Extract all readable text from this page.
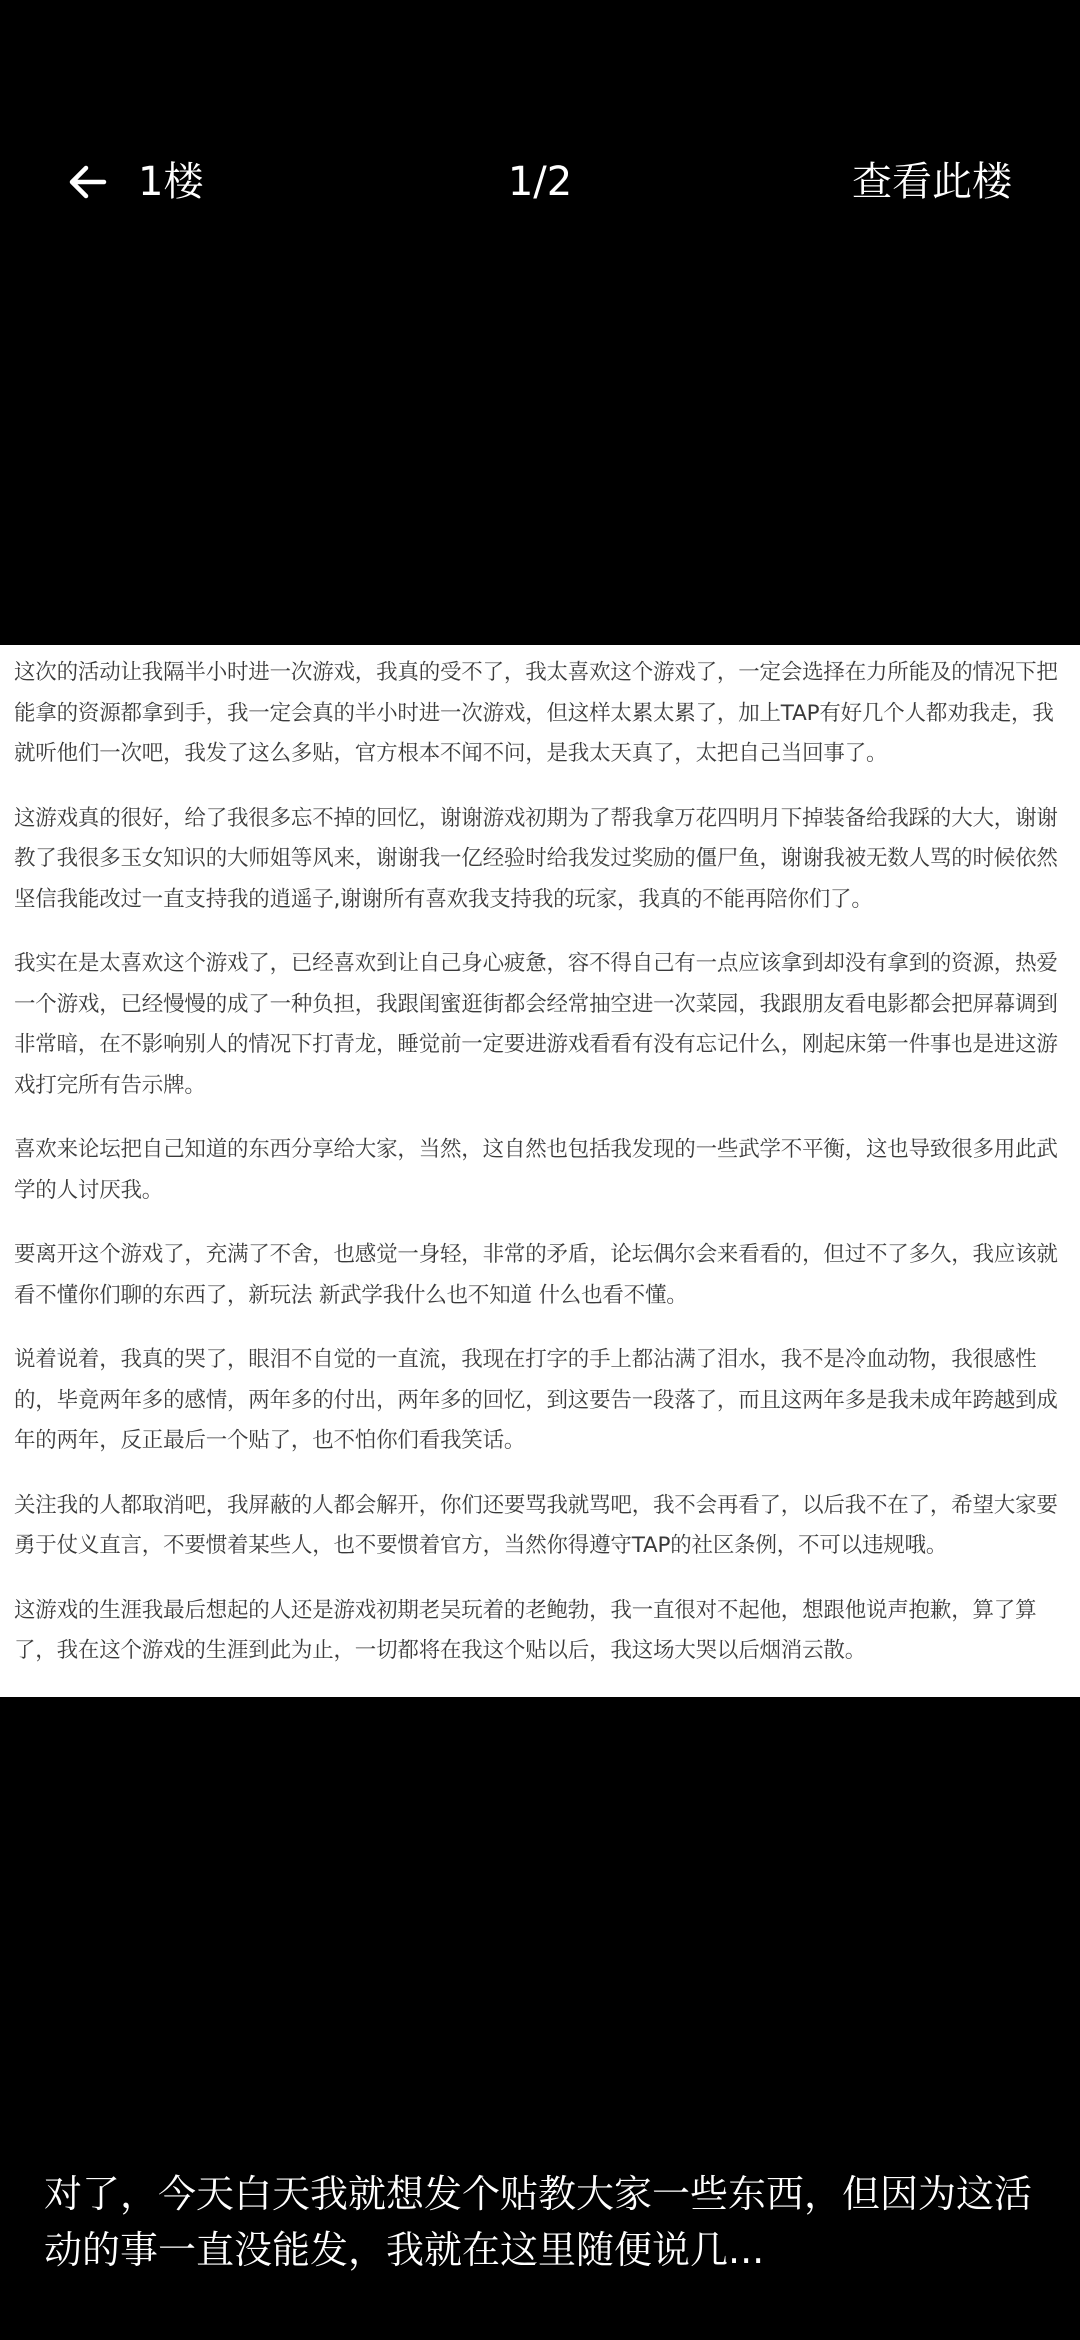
1楼	1/2	查看此楼

这次的活动让我隔半小时进一次游戏，我真的受不了，我太喜欢这个游戏了，一定会选择在力所能及的情况下把能拿的资源都拿到手，我一定会真的半小时进一次游戏，但这样太累太累了，加上TAP有好几个人都劝我走，我就听他们一次吧，我发了这么多贴，官方根本不闻不问，是我太天真了，太把自己当回事了。

这游戏真的很好，给了我很多忘不掉的回忆，谢谢游戏初期为了帮我拿万花四明月下掉装备给我踩的大大，谢谢教了我很多玉女知识的大师姐等风来，谢谢我一亿经验时给我发过奖励的僵尸鱼，谢谢我被无数人骂的时候依然坚信我能改过一直支持我的逍遥子,谢谢所有喜欢我支持我的玩家，我真的不能再陪你们了。

我实在是太喜欢这个游戏了，已经喜欢到让自己身心疲惫，容不得自己有一点应该拿到却没有拿到的资源，热爱一个游戏，已经慢慢的成了一种负担，我跟闺蜜逛街都会经常抽空进一次菜园，我跟朋友看电影都会把屏幕调到非常暗，在不影响别人的情况下打青龙，睡觉前一定要进游戏看看有没有忘记什么，刚起床第一件事也是进这游戏打完所有告示牌。

喜欢来论坛把自己知道的东西分享给大家，当然，这自然也包括我发现的一些武学不平衡，这也导致很多用此武学的人讨厌我。

要离开这个游戏了，充满了不舍，也感觉一身轻，非常的矛盾，论坛偶尔会来看看的，但过不了多久，我应该就看不懂你们聊的东西了，新玩法 新武学我什么也不知道 什么也看不懂。

说着说着，我真的哭了，眼泪不自觉的一直流，我现在打字的手上都沾满了泪水，我不是冷血动物，我很感性的，毕竟两年多的感情，两年多的付出，两年多的回忆，到这要告一段落了，而且这两年多是我未成年跨越到成年的两年，反正最后一个贴了，也不怕你们看我笑话。

关注我的人都取消吧，我屏蔽的人都会解开，你们还要骂我就骂吧，我不会再看了，以后我不在了，希望大家要勇于仗义直言，不要惯着某些人，也不要惯着官方，当然你得遵守TAP的社区条例，不可以违规哦。

这游戏的生涯我最后想起的人还是游戏初期老吴玩着的老鲍勃，我一直很对不起他，想跟他说声抱歉，算了算了，我在这个游戏的生涯到此为止，一切都将在我这个贴以后，我这场大哭以后烟消云散。

对了，今天白天我就想发个贴教大家一些东西，但因为这活动的事一直没能发，我就在这里随便说几...
